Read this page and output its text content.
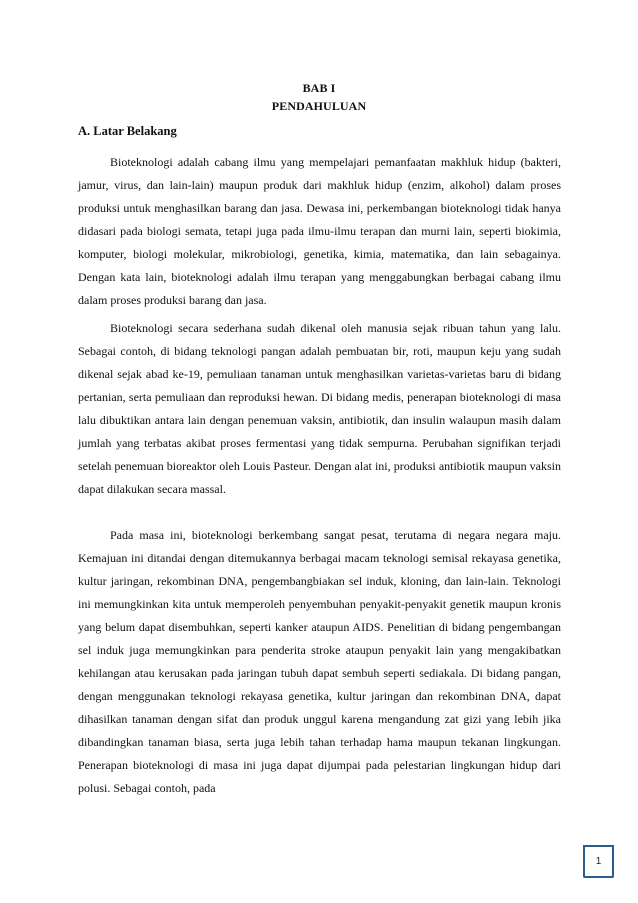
BAB I
PENDAHULUAN
A. Latar Belakang

Bioteknologi adalah cabang ilmu yang mempelajari pemanfaatan makhluk hidup (bakteri, jamur, virus, dan lain-lain) maupun produk dari makhluk hidup (enzim, alkohol) dalam proses produksi untuk menghasilkan barang dan jasa. Dewasa ini, perkembangan bioteknologi tidak hanya didasari pada biologi semata, tetapi juga pada ilmu-ilmu terapan dan murni lain, seperti biokimia, komputer, biologi molekular, mikrobiologi, genetika, kimia, matematika, dan lain sebagainya. Dengan kata lain, bioteknologi adalah ilmu terapan yang menggabungkan berbagai cabang ilmu dalam proses produksi barang dan jasa.

Bioteknologi secara sederhana sudah dikenal oleh manusia sejak ribuan tahun yang lalu. Sebagai contoh, di bidang teknologi pangan adalah pembuatan bir, roti, maupun keju yang sudah dikenal sejak abad ke-19, pemuliaan tanaman untuk menghasilkan varietas-varietas baru di bidang pertanian, serta pemuliaan dan reproduksi hewan. Di bidang medis, penerapan bioteknologi di masa lalu dibuktikan antara lain dengan penemuan vaksin, antibiotik, dan insulin walaupun masih dalam jumlah yang terbatas akibat proses fermentasi yang tidak sempurna. Perubahan signifikan terjadi setelah penemuan bioreaktor oleh Louis Pasteur. Dengan alat ini, produksi antibiotik maupun vaksin dapat dilakukan secara massal.

Pada masa ini, bioteknologi berkembang sangat pesat, terutama di negara negara maju. Kemajuan ini ditandai dengan ditemukannya berbagai macam teknologi semisal rekayasa genetika, kultur jaringan, rekombinan DNA, pengembangbiakan sel induk, kloning, dan lain-lain. Teknologi ini memungkinkan kita untuk memperoleh penyembuhan penyakit-penyakit genetik maupun kronis yang belum dapat disembuhkan, seperti kanker ataupun AIDS. Penelitian di bidang pengembangan sel induk juga memungkinkan para penderita stroke ataupun penyakit lain yang mengakibatkan kehilangan atau kerusakan pada jaringan tubuh dapat sembuh seperti sediakala. Di bidang pangan, dengan menggunakan teknologi rekayasa genetika, kultur jaringan dan rekombinan DNA, dapat dihasilkan tanaman dengan sifat dan produk unggul karena mengandung zat gizi yang lebih jika dibandingkan tanaman biasa, serta juga lebih tahan terhadap hama maupun tekanan lingkungan. Penerapan bioteknologi di masa ini juga dapat dijumpai pada pelestarian lingkungan hidup dari polusi. Sebagai contoh, pada

1
